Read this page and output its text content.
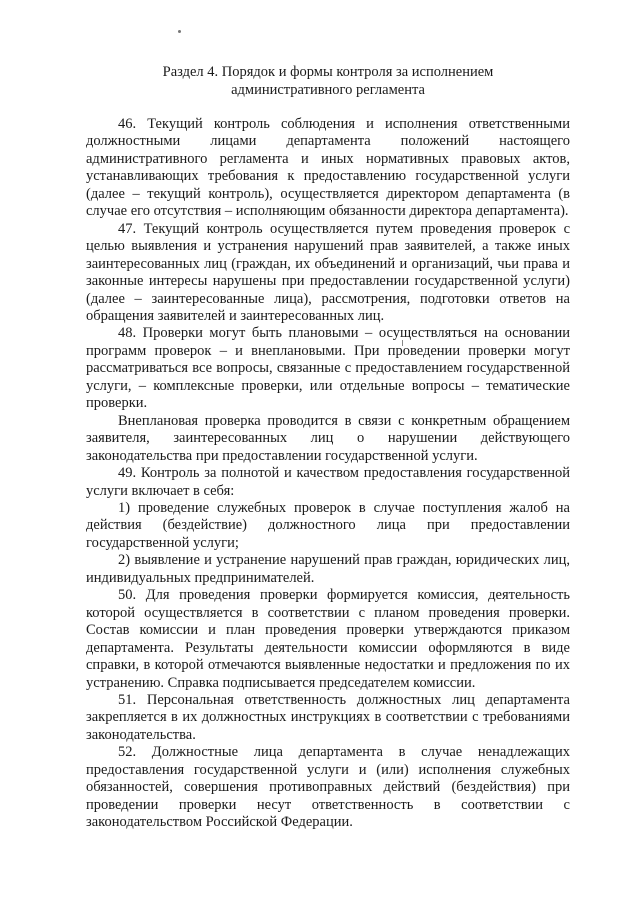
Раздел 4. Порядок и формы контроля за исполнением
административного регламента

46. Текущий контроль соблюдения и исполнения ответственными должностными лицами департамента положений настоящего административного регламента и иных нормативных правовых актов, устанавливающих требования к предоставлению государственной услуги (далее – текущий контроль), осуществляется директором департамента (в случае его отсутствия – исполняющим обязанности директора департамента).

47. Текущий контроль осуществляется путем проведения проверок с целью выявления и устранения нарушений прав заявителей, а также иных заинтересованных лиц (граждан, их объединений и организаций, чьи права и законные интересы нарушены при предоставлении государственной услуги) (далее – заинтересованные лица), рассмотрения, подготовки ответов на обращения заявителей и заинтересованных лиц.

48. Проверки могут быть плановыми – осуществляться на основании программ проверок – и внеплановыми. При проведении проверки могут рассматриваться все вопросы, связанные с предоставлением государственной услуги, – комплексные проверки, или отдельные вопросы – тематические проверки.

Внеплановая проверка проводится в связи с конкретным обращением заявителя, заинтересованных лиц о нарушении действующего законодательства при предоставлении государственной услуги.

49. Контроль за полнотой и качеством предоставления государственной услуги включает в себя:

1) проведение служебных проверок в случае поступления жалоб на действия (бездействие) должностного лица при предоставлении государственной услуги;

2) выявление и устранение нарушений прав граждан, юридических лиц, индивидуальных предпринимателей.

50. Для проведения проверки формируется комиссия, деятельность которой осуществляется в соответствии с планом проведения проверки. Состав комиссии и план проведения проверки утверждаются приказом департамента. Результаты деятельности комиссии оформляются в виде справки, в которой отмечаются выявленные недостатки и предложения по их устранению. Справка подписывается председателем комиссии.

51. Персональная ответственность должностных лиц департамента закрепляется в их должностных инструкциях в соответствии с требованиями законодательства.

52. Должностные лица департамента в случае ненадлежащих предоставления государственной услуги и (или) исполнения служебных обязанностей, совершения противоправных действий (бездействия) при проведении проверки несут ответственность в соответствии с законодательством Российской Федерации.
